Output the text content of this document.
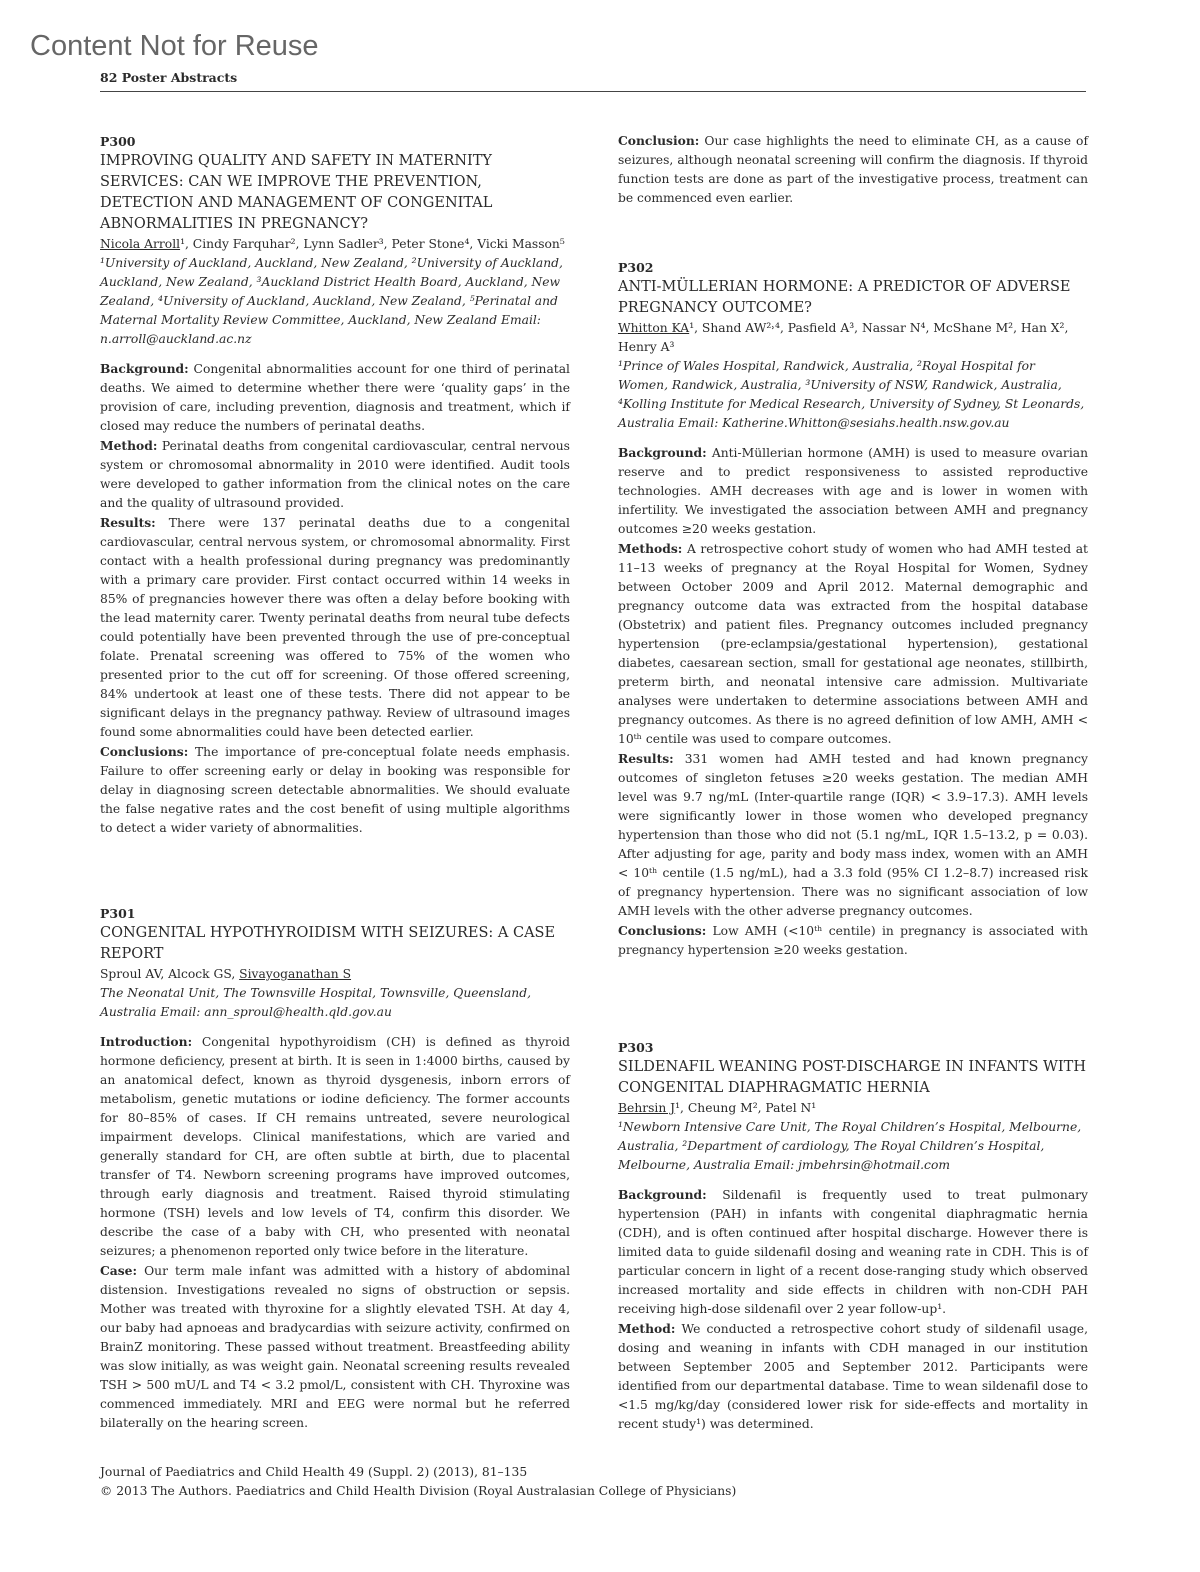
Content Not for Reuse
82 Poster Abstracts

P300

IMPROVING QUALITY AND SAFETY IN MATERNITY SERVICES: CAN WE IMPROVE THE PREVENTION, DETECTION AND MANAGEMENT OF CONGENITAL ABNORMALITIES IN PREGNANCY?

Nicola Arroll¹, Cindy Farquhar², Lynn Sadler³, Peter Stone⁴, Vicki Masson⁵

¹University of Auckland, Auckland, New Zealand, ²University of Auckland, Auckland, New Zealand, ³Auckland District Health Board, Auckland, New Zealand, ⁴University of Auckland, Auckland, New Zealand, ⁵Perinatal and Maternal Mortality Review Committee, Auckland, New Zealand Email: n.arroll@auckland.ac.nz

Background: Congenital abnormalities account for one third of perinatal deaths. We aimed to determine whether there were ‘quality gaps’ in the provision of care, including prevention, diagnosis and treatment, which if closed may reduce the numbers of perinatal deaths.

Method: Perinatal deaths from congenital cardiovascular, central nervous system or chromosomal abnormality in 2010 were identified. Audit tools were developed to gather information from the clinical notes on the care and the quality of ultrasound provided.

Results: There were 137 perinatal deaths due to a congenital cardiovascular, central nervous system, or chromosomal abnormality. First contact with a health professional during pregnancy was predominantly with a primary care provider. First contact occurred within 14 weeks in 85% of pregnancies however there was often a delay before booking with the lead maternity carer. Twenty perinatal deaths from neural tube defects could potentially have been prevented through the use of pre-conceptual folate. Prenatal screening was offered to 75% of the women who presented prior to the cut off for screening. Of those offered screening, 84% undertook at least one of these tests. There did not appear to be significant delays in the pregnancy pathway. Review of ultrasound images found some abnormalities could have been detected earlier.

Conclusions: The importance of pre-conceptual folate needs emphasis. Failure to offer screening early or delay in booking was responsible for delay in diagnosing screen detectable abnormalities. We should evaluate the false negative rates and the cost benefit of using multiple algorithms to detect a wider variety of abnormalities.

P301

CONGENITAL HYPOTHYROIDISM WITH SEIZURES: A CASE REPORT

Sproul AV, Alcock GS, Sivayoganathan S

The Neonatal Unit, The Townsville Hospital, Townsville, Queensland, Australia Email: ann_sproul@health.qld.gov.au

Introduction: Congenital hypothyroidism (CH) is defined as thyroid hormone deficiency, present at birth. It is seen in 1:4000 births, caused by an anatomical defect, known as thyroid dysgenesis, inborn errors of metabolism, genetic mutations or iodine deficiency. The former accounts for 80–85% of cases. If CH remains untreated, severe neurological impairment develops. Clinical manifestations, which are varied and generally standard for CH, are often subtle at birth, due to placental transfer of T4. Newborn screening programs have improved outcomes, through early diagnosis and treatment. Raised thyroid stimulating hormone (TSH) levels and low levels of T4, confirm this disorder. We describe the case of a baby with CH, who presented with neonatal seizures; a phenomenon reported only twice before in the literature.

Case: Our term male infant was admitted with a history of abdominal distension. Investigations revealed no signs of obstruction or sepsis. Mother was treated with thyroxine for a slightly elevated TSH. At day 4, our baby had apnoeas and bradycardias with seizure activity, confirmed on BrainZ monitoring. These passed without treatment. Breastfeeding ability was slow initially, as was weight gain. Neonatal screening results revealed TSH > 500 mU/L and T4 < 3.2 pmol/L, consistent with CH. Thyroxine was commenced immediately. MRI and EEG were normal but he referred bilaterally on the hearing screen.

Conclusion: Our case highlights the need to eliminate CH, as a cause of seizures, although neonatal screening will confirm the diagnosis. If thyroid function tests are done as part of the investigative process, treatment can be commenced even earlier.

P302

ANTI-MÜLLERIAN HORMONE: A PREDICTOR OF ADVERSE PREGNANCY OUTCOME?

Whitton KA¹, Shand AW²˒⁴, Pasfield A³, Nassar N⁴, McShane M², Han X², Henry A³

¹Prince of Wales Hospital, Randwick, Australia, ²Royal Hospital for Women, Randwick, Australia, ³University of NSW, Randwick, Australia, ⁴Kolling Institute for Medical Research, University of Sydney, St Leonards, Australia Email: Katherine.Whitton@sesiahs.health.nsw.gov.au

Background: Anti-Müllerian hormone (AMH) is used to measure ovarian reserve and to predict responsiveness to assisted reproductive technologies. AMH decreases with age and is lower in women with infertility. We investigated the association between AMH and pregnancy outcomes ≥20 weeks gestation.

Methods: A retrospective cohort study of women who had AMH tested at 11–13 weeks of pregnancy at the Royal Hospital for Women, Sydney between October 2009 and April 2012. Maternal demographic and pregnancy outcome data was extracted from the hospital database (Obstetrix) and patient files. Pregnancy outcomes included pregnancy hypertension (pre-eclampsia/gestational hypertension), gestational diabetes, caesarean section, small for gestational age neonates, stillbirth, preterm birth, and neonatal intensive care admission. Multivariate analyses were undertaken to determine associations between AMH and pregnancy outcomes. As there is no agreed definition of low AMH, AMH < 10ᵗʰ centile was used to compare outcomes.

Results: 331 women had AMH tested and had known pregnancy outcomes of singleton fetuses ≥20 weeks gestation. The median AMH level was 9.7 ng/mL (Inter-quartile range (IQR) < 3.9–17.3). AMH levels were significantly lower in those women who developed pregnancy hypertension than those who did not (5.1 ng/mL, IQR 1.5–13.2, p = 0.03). After adjusting for age, parity and body mass index, women with an AMH < 10ᵗʰ centile (1.5 ng/mL), had a 3.3 fold (95% CI 1.2–8.7) increased risk of pregnancy hypertension. There was no significant association of low AMH levels with the other adverse pregnancy outcomes.

Conclusions: Low AMH (<10ᵗʰ centile) in pregnancy is associated with pregnancy hypertension ≥20 weeks gestation.

P303

SILDENAFIL WEANING POST-DISCHARGE IN INFANTS WITH CONGENITAL DIAPHRAGMATIC HERNIA

Behrsin J¹, Cheung M², Patel N¹

¹Newborn Intensive Care Unit, The Royal Children’s Hospital, Melbourne, Australia, ²Department of cardiology, The Royal Children’s Hospital, Melbourne, Australia Email: jmbehrsin@hotmail.com

Background: Sildenafil is frequently used to treat pulmonary hypertension (PAH) in infants with congenital diaphragmatic hernia (CDH), and is often continued after hospital discharge. However there is limited data to guide sildenafil dosing and weaning rate in CDH. This is of particular concern in light of a recent dose-ranging study which observed increased mortality and side effects in children with non-CDH PAH receiving high-dose sildenafil over 2 year follow-up¹.

Method: We conducted a retrospective cohort study of sildenafil usage, dosing and weaning in infants with CDH managed in our institution between September 2005 and September 2012. Participants were identified from our departmental database. Time to wean sildenafil dose to <1.5 mg/kg/day (considered lower risk for side-effects and mortality in recent study¹) was determined.

Journal of Paediatrics and Child Health 49 (Suppl. 2) (2013), 81–135
© 2013 The Authors. Paediatrics and Child Health Division (Royal Australasian College of Physicians)
